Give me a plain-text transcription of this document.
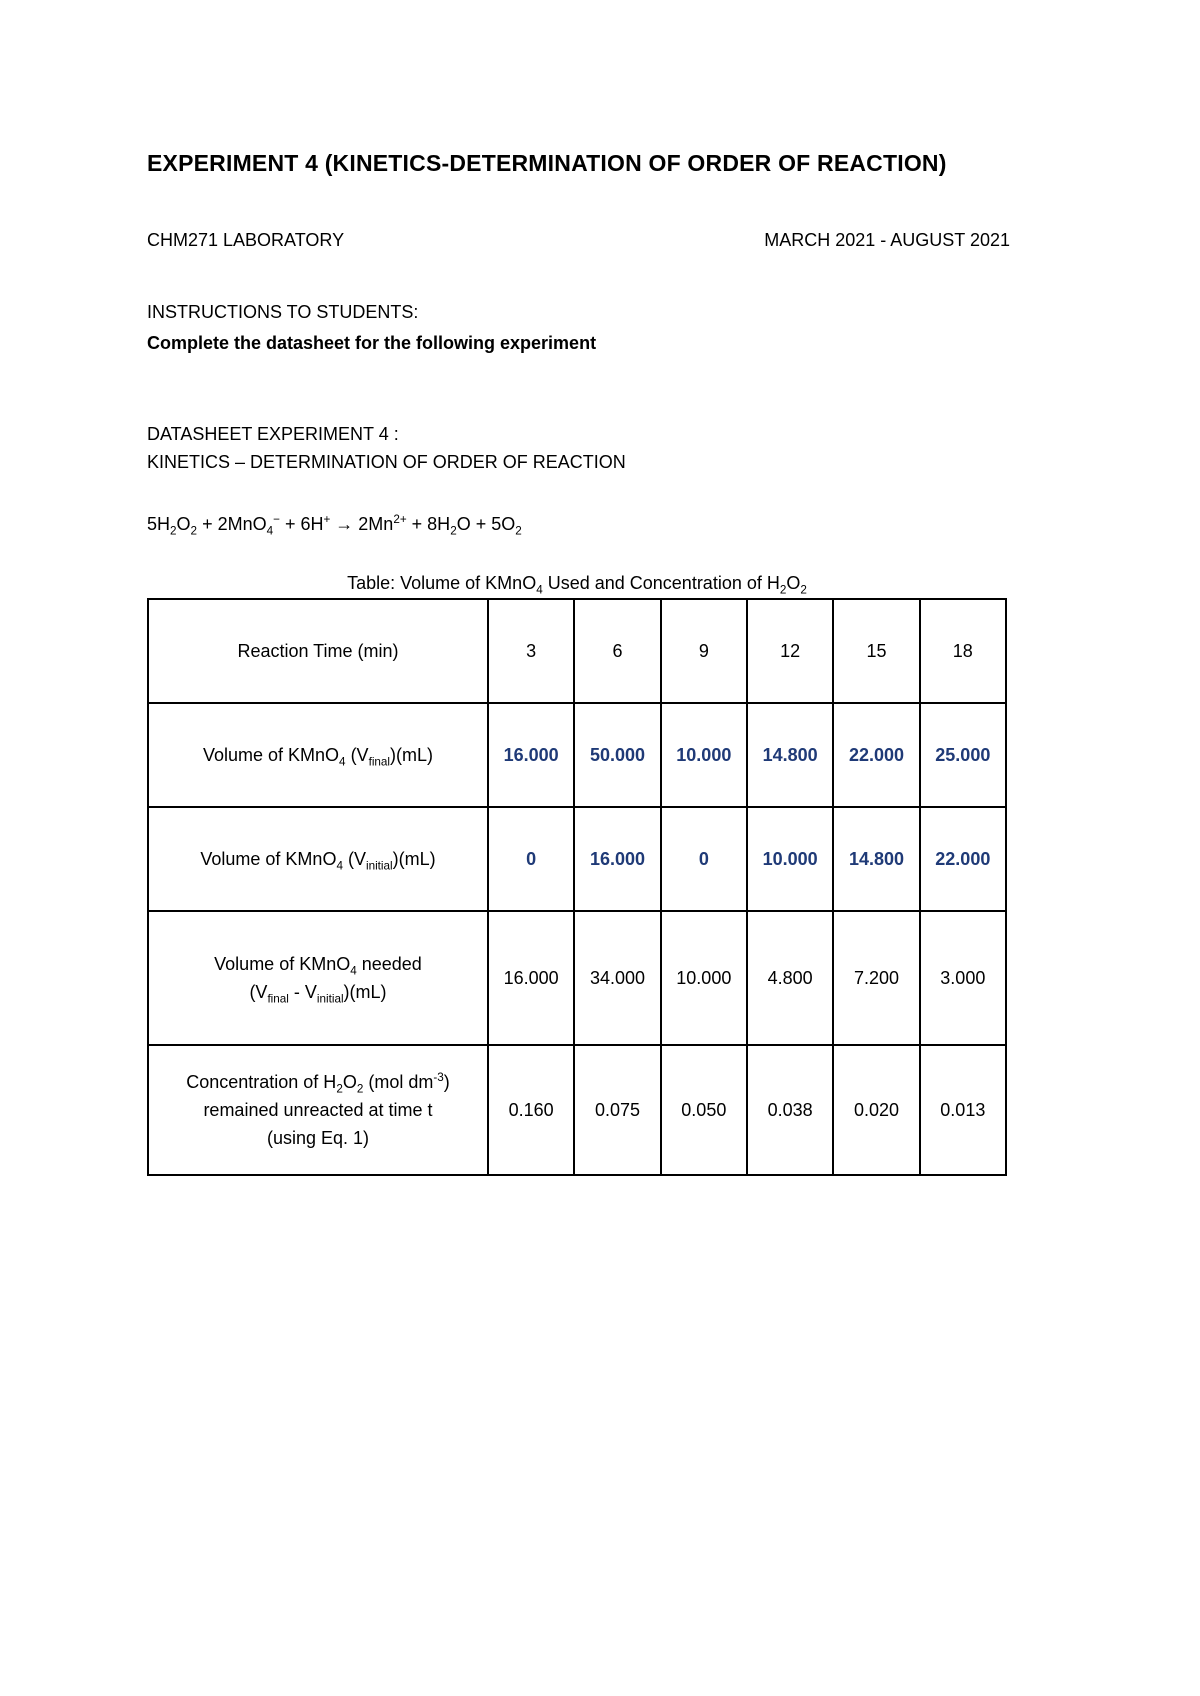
EXPERIMENT 4 (KINETICS-DETERMINATION OF ORDER OF REACTION)
CHM271 LABORATORY	MARCH 2021 - AUGUST 2021
INSTRUCTIONS TO STUDENTS:
Complete the datasheet for the following experiment
DATASHEET EXPERIMENT 4 :
KINETICS – DETERMINATION OF ORDER OF REACTION
$5H_2O_2 + 2MnO_4^- + 6H^+ \to 2Mn^{2+} + 8H_2O + 5O_2$
Table: Volume of KMnO$_4$ Used and Concentration of $H_2O_2$
Reaction Time (min)	3	6	9	12	15	18
Volume of KMnO$_4$ $(V_{final})(mL)$	16.000	50.000	10.000	14.800	22.000	25.000
Volume of KMnO$_4$ $(V_{initial})(mL)$	0	16.000	0	10.000	14.800	22.000

Volume of KMnO$_4$ needed
$(V_{final} - V_{initial})(mL)$	16.000	34.000	10.000	4.800	7.200	3.000

Concentration of $H_2O_2$ (mol $dm^{-3}$)
remained unreacted at time t
(using Eq. 1)	0.160	0.075	0.050	0.038	0.020	0.013
